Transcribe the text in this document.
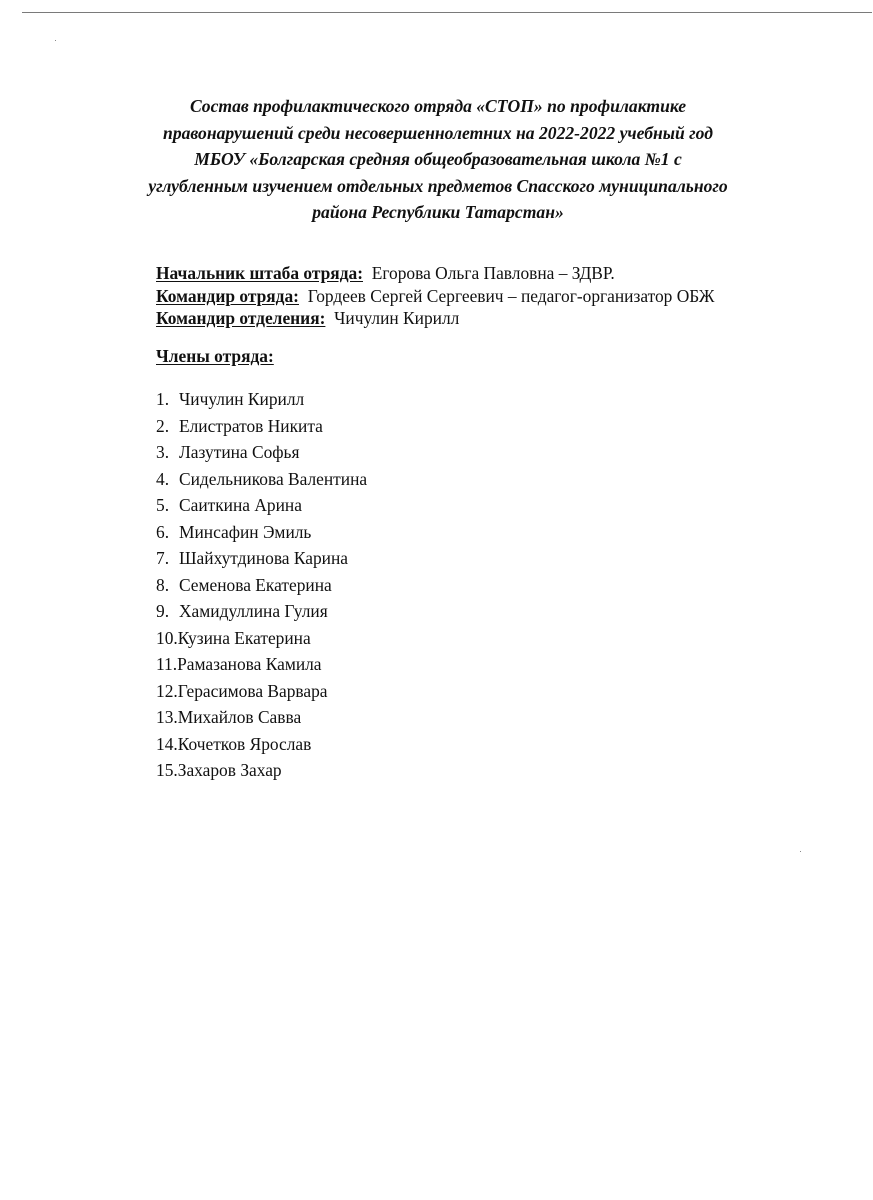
Состав профилактического отряда «СТОП» по профилактике
правонарушений среди несовершеннолетних на 2022-2022 учебный год
МБОУ «Болгарская средняя общеобразовательная школа №1 с
углубленным изучением отдельных предметов Спасского муниципального
района Республики Татарстан»
Начальник штаба отряда: Егорова Ольга Павловна – ЗДВР.
Командир отряда: Гордеев Сергей Сергеевич – педагог-организатор ОБЖ
Командир отделения: Чичулин Кирилл
Члены отряда:
1. Чичулин Кирилл
2. Елистратов Никита
3. Лазутина Софья
4. Сидельникова Валентина
5. Саиткина Арина
6. Минсафин Эмиль
7. Шайхутдинова Карина
8. Семенова Екатерина
9. Хамидуллина Гулия
10.Кузина Екатерина
11.Рамазанова Камила
12.Герасимова Варвара
13.Михайлов Савва
14.Кочетков Ярослав
15.Захаров Захар
